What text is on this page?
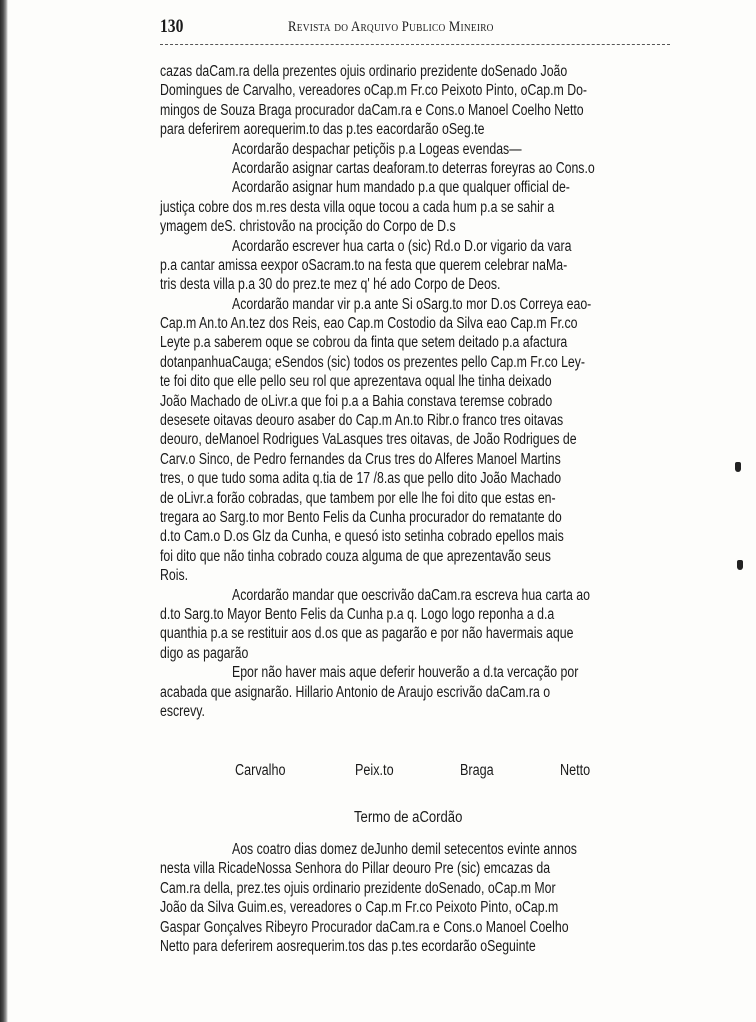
130	Revista do Arquivo Publico Mineiro
cazas daCam.ra della prezentes ojuis ordinario prezidente doSenado João
Domingues de Carvalho, vereadores oCap.m Fr.co Peixoto Pinto, oCap.m Do-
mingos de Souza Braga procurador daCam.ra e Cons.o Manoel Coelho Netto
para deferirem aorequerim.to das p.tes eacordarão oSeg.te
Acordarão despachar petiçõis p.a Logeas evendas—
Acordarão asignar cartas deaforam.to deterras foreyras ao Cons.o
Acordarão asignar hum mandado p.a que qualquer official de-
justiça cobre dos m.res desta villa oque tocou a cada hum p.a se sahir a
ymagem deS. christovão na procição do Corpo de D.s
Acordarão escrever hua carta o (sic) Rd.o D.or vigario da vara
p.a cantar amissa eexpor oSacram.to na festa que querem celebrar naMa-
tris desta villa p.a 30 do prez.te mez q' hé ado Corpo de Deos.
Acordarão mandar vir p.a ante Si oSarg.to mor D.os Correya eao-
Cap.m An.to An.tez dos Reis, eao Cap.m Costodio da Silva eao Cap.m Fr.co
Leyte p.a saberem oque se cobrou da finta que setem deitado p.a afactura
dotanpanhuaCauga; eSendos (sic) todos os prezentes pello Cap.m Fr.co Ley-
te foi dito que elle pello seu rol que aprezentava oqual lhe tinha deixado
João Machado de oLivr.a que foi p.a a Bahia constava teremse cobrado
desesete oitavas deouro asaber do Cap.m An.to Ribr.o franco tres oitavas
deouro, deManoel Rodrigues VaLasques tres oitavas, de João Rodrigues de
Carv.o Sinco, de Pedro fernandes da Crus tres do Alferes Manoel Martins
tres, o que tudo soma adita q.tia de 17 /8.as que pello dito João Machado
de oLivr.a forão cobradas, que tambem por elle lhe foi dito que estas en-
tregara ao Sarg.to mor Bento Felis da Cunha procurador do rematante do
d.to Cam.o D.os Glz da Cunha, e quesó isto setinha cobrado epellos mais
foi dito que não tinha cobrado couza alguma de que aprezentavão seus
Rois.
Acordarão mandar que oescrivão daCam.ra escreva hua carta ao
d.to Sarg.to Mayor Bento Felis da Cunha p.a q. Logo logo reponha a d.a
quanthia p.a se restituir aos d.os que as pagarão e por não havermais aque
digo as pagarão
Epor não haver mais aque deferir houverão a d.ta vercação por
acabada que asignarão. Hillario Antonio de Araujo escrivão daCam.ra o
escrevy.
Carvalho	Peix.to	Braga	Netto
Termo de aCordão
Aos coatro dias domez deJunho demil setecentos evinte annos
nesta villa RicadeNossa Senhora do Pillar deouro Pre (sic) emcazas da
Cam.ra della, prez.tes ojuis ordinario prezidente doSenado, oCap.m Mor
João da Silva Guim.es, vereadores o Cap.m Fr.co Peixoto Pinto, oCap.m
Gaspar Gonçalves Ribeyro Procurador daCam.ra e Cons.o Manoel Coelho
Netto para deferirem aosrequerim.tos das p.tes ecordarão oSeguinte
